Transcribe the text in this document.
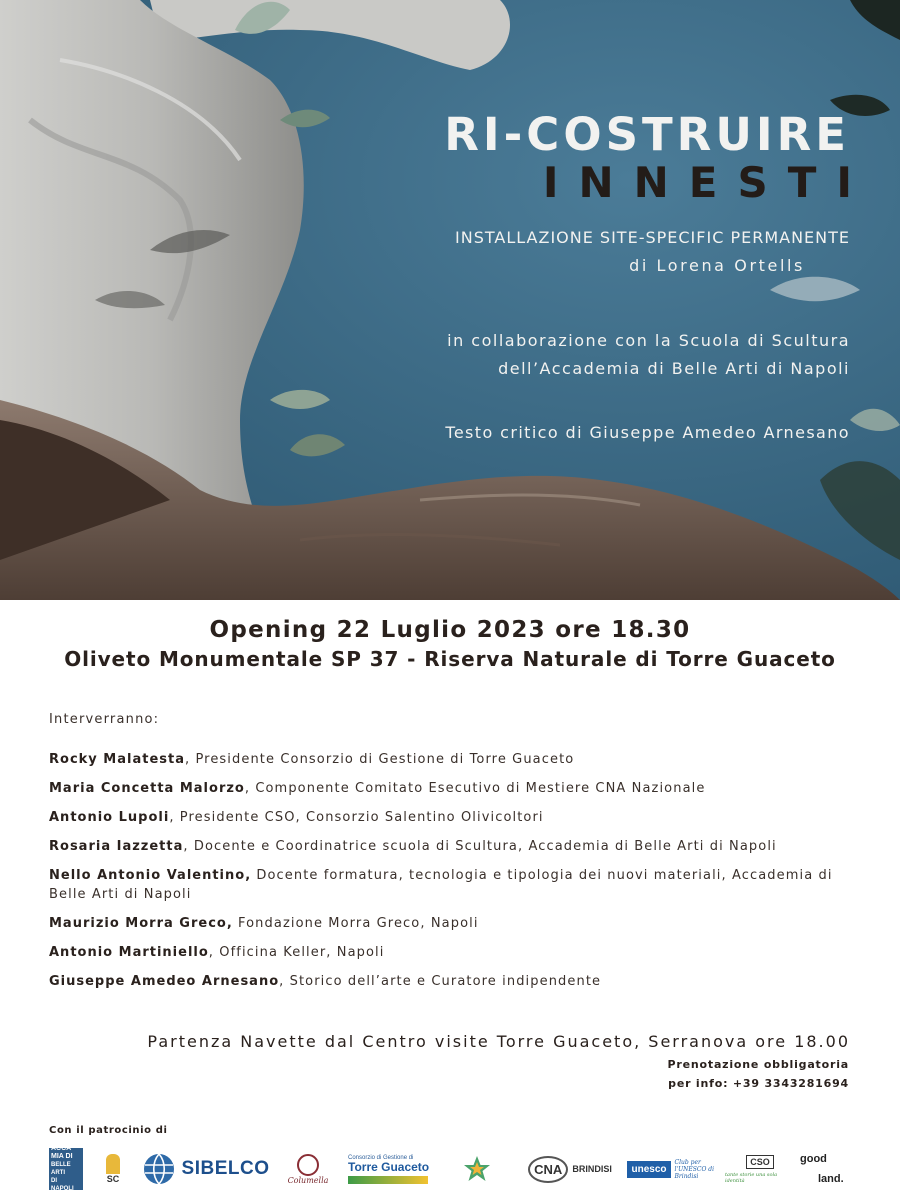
RI-COSTRUIRE
INNESTI
INSTALLAZIONE SITE-SPECIFIC PERMANENTE
di Lorena Ortells
in collaborazione con la Scuola di Scultura
dell’Accademia di Belle Arti di Napoli
Testo critico di Giuseppe Amedeo Arnesano
Opening 22 Luglio 2023 ore 18.30
Oliveto Monumentale SP 37 - Riserva Naturale di Torre Guaceto
Interverranno:
Rocky Malatesta, Presidente Consorzio di Gestione di Torre Guaceto
Maria Concetta Malorzo, Componente Comitato Esecutivo di Mestiere CNA Nazionale
Antonio Lupoli, Presidente CSO, Consorzio Salentino Olivicoltori
Rosaria Iazzetta, Docente e Coordinatrice scuola di Scultura, Accademia di Belle Arti di Napoli
Nello Antonio Valentino, Docente formatura, tecnologia e tipologia dei nuovi materiali, Accademia di Belle Arti di Napoli
Maurizio Morra Greco, Fondazione Morra Greco, Napoli
Antonio Martiniello, Officina Keller, Napoli
Giuseppe Amedeo Arnesano, Storico dell’arte e Curatore indipendente
Partenza Navette dal Centro visite Torre Guaceto, Serranova ore 18.00
Prenotazione obbligatoria
per info: +39 3343281694
Con il patrocinio di
ACCA
MIA DI
BELLE ARTI
DI NAPOLI
SC	SIBELCO
Columella
Consorzio di Gestione di
Torre Guaceto	CNA	BRINDISI	unesco
Club per l'UNESCO di Brindisi
CSO
tante storie una sola identità
good
land.
